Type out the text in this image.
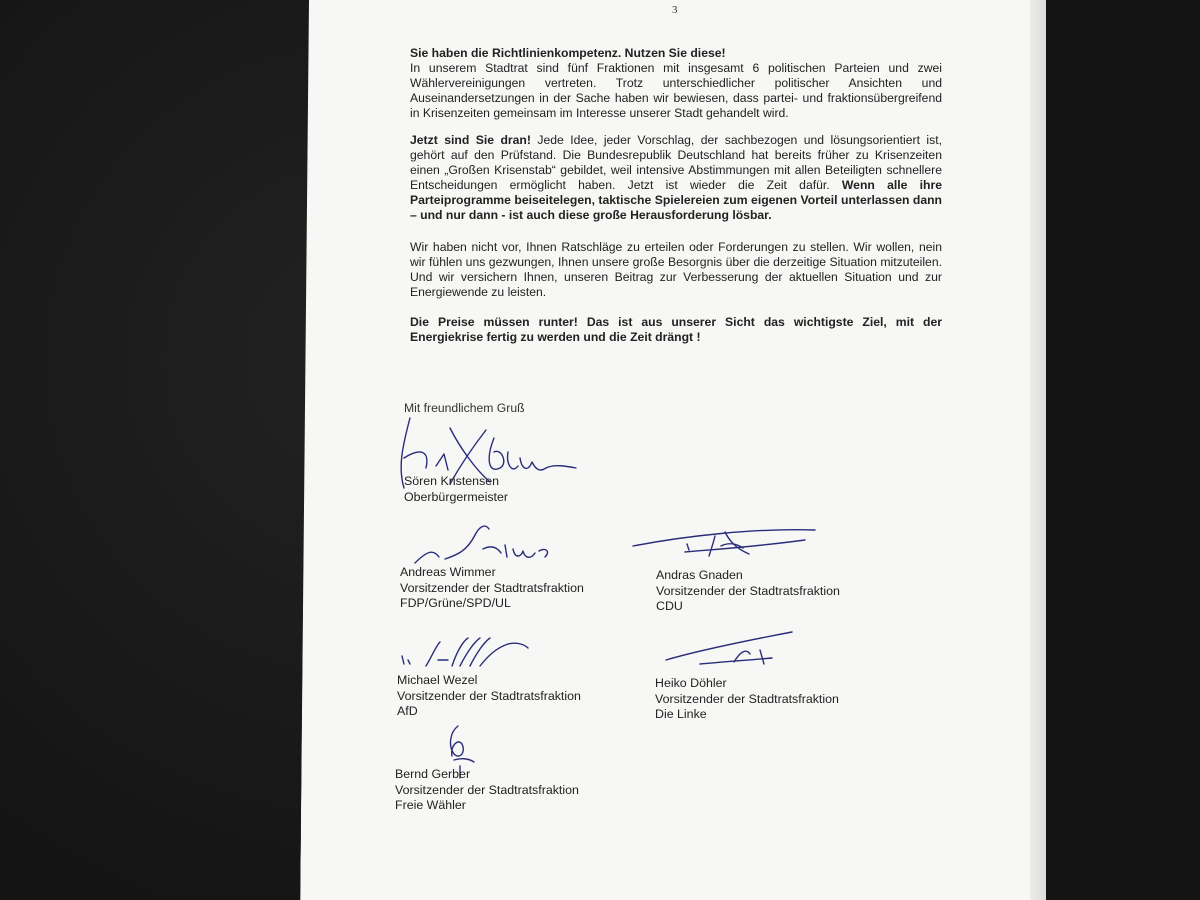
3
Sie haben die Richtlinienkompetenz. Nutzen Sie diese!
In unserem Stadtrat sind fünf Fraktionen mit insgesamt 6 politischen Parteien und zwei Wählervereinigungen vertreten. Trotz unterschiedlicher politischer Ansichten und Auseinandersetzungen in der Sache haben wir bewiesen, dass partei- und fraktionsübergreifend in Krisenzeiten gemeinsam im Interesse unserer Stadt gehandelt wird.
Jetzt sind Sie dran! Jede Idee, jeder Vorschlag, der sachbezogen und lösungsorientiert ist, gehört auf den Prüfstand. Die Bundesrepublik Deutschland hat bereits früher zu Krisenzeiten einen „Großen Krisenstab“ gebildet, weil intensive Abstimmungen mit allen Beteiligten schnellere Entscheidungen ermöglicht haben. Jetzt ist wieder die Zeit dafür. Wenn alle ihre Parteiprogramme beiseitelegen, taktische Spielereien zum eigenen Vorteil unterlassen dann – und nur dann - ist auch diese große Herausforderung lösbar.
Wir haben nicht vor, Ihnen Ratschläge zu erteilen oder Forderungen zu stellen. Wir wollen, nein wir fühlen uns gezwungen, Ihnen unsere große Besorgnis über die derzeitige Situation mitzuteilen. Und wir versichern Ihnen, unseren Beitrag zur Verbesserung der aktuellen Situation und zur Energiewende zu leisten.
Die Preise müssen runter! Das ist aus unserer Sicht das wichtigste Ziel, mit der Energiekrise fertig zu werden und die Zeit drängt !
Mit freundlichem Gruß
Sören Kristensen
Oberbürgermeister
Andreas Wimmer
Vorsitzender der Stadtratsfraktion
FDP/Grüne/SPD/UL
Andras Gnaden
Vorsitzender der Stadtratsfraktion
CDU
Michael Wezel
Vorsitzender der Stadtratsfraktion
AfD
Heiko Döhler
Vorsitzender der Stadtratsfraktion
Die Linke
Bernd Gerber
Vorsitzender der Stadtratsfraktion
Freie Wähler
